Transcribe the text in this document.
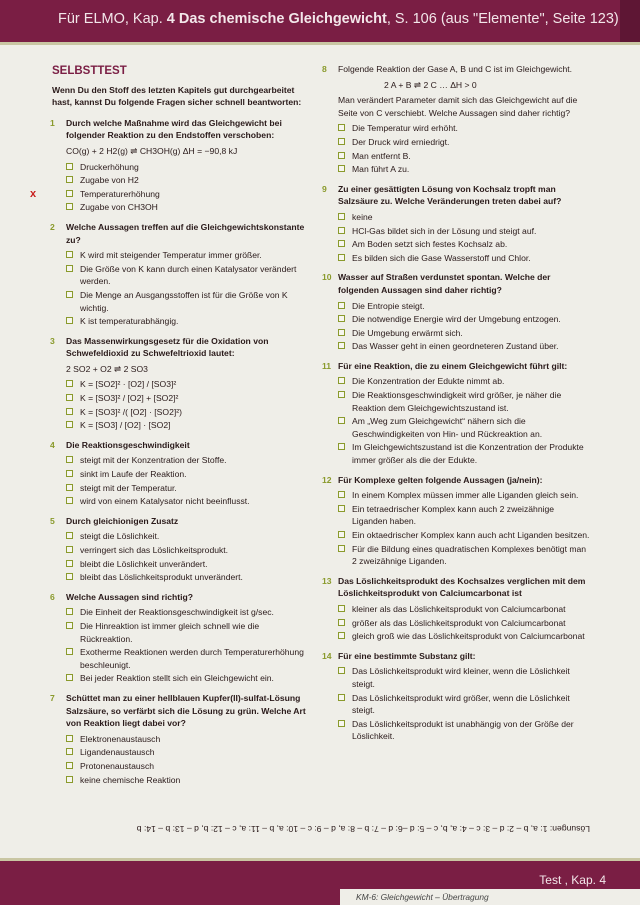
Für ELMO, Kap. 4 Das chemische Gleichgewicht, S. 106 (aus "Elemente", Seite 123)
x
SELBSTTEST
Wenn Du den Stoff des letzten Kapitels gut durchgearbeitet hast, kannst Du folgende Fragen sicher schnell beantworten:
1	Durch welche Maßnahme wird das Gleichgewicht bei folgender Reaktion zu den Endstoffen verschoben:
CO(g) + 2 H2(g) ⇌ CH3OH(g) ΔH = −90,8 kJ
Druckerhöhung
Zugabe von H2
Temperaturerhöhung
Zugabe von CH3OH
2	Welche Aussagen treffen auf die Gleichgewichtskonstante zu?
K wird mit steigender Temperatur immer größer.
Die Größe von K kann durch einen Katalysator verändert werden.
Die Menge an Ausgangsstoffen ist für die Größe von K wichtig.
K ist temperaturabhängig.
3	Das Massenwirkungsgesetz für die Oxidation von Schwefeldioxid zu Schwefeltrioxid lautet:
2 SO2 + O2 ⇌ 2 SO3
K = [SO2]² · [O2] / [SO3]²
K = [SO3]² / [O2] + [SO2]²
K = [SO3]² /( [O2] · [SO2]²)
K = [SO3] / [O2] · [SO2]
4	Die Reaktionsgeschwindigkeit
steigt mit der Konzentration der Stoffe.
sinkt im Laufe der Reaktion.
steigt mit der Temperatur.
wird von einem Katalysator nicht beeinflusst.
5	Durch gleichionigen Zusatz
steigt die Löslichkeit.
verringert sich das Löslichkeitsprodukt.
bleibt die Löslichkeit unverändert.
bleibt das Löslichkeitsprodukt unverändert.
6	Welche Aussagen sind richtig?
Die Einheit der Reaktionsgeschwindigkeit ist g/sec.
Die Hinreaktion ist immer gleich schnell wie die Rückreaktion.
Exotherme Reaktionen werden durch Temperaturerhöhung beschleunigt.
Bei jeder Reaktion stellt sich ein Gleichgewicht ein.
7	Schüttet man zu einer hellblauen Kupfer(II)-sulfat-Lösung Salzsäure, so verfärbt sich die Lösung zu grün. Welche Art von Reaktion liegt dabei vor?
Elektronenaustausch
Ligandenaustausch
Protonenaustausch
keine chemische Reaktion
8	Folgende Reaktion der Gase A, B und C ist im Gleichgewicht.
2 A + B ⇌ 2 C … ΔH > 0
Man verändert Parameter damit sich das Gleichgewicht auf die Seite von C verschiebt. Welche Aussagen sind daher richtig?
Die Temperatur wird erhöht.
Der Druck wird erniedrigt.
Man entfernt B.
Man führt A zu.
9	Zu einer gesättigten Lösung von Kochsalz tropft man Salzsäure zu. Welche Veränderungen treten dabei auf?
keine
HCl-Gas bildet sich in der Lösung und steigt auf.
Am Boden setzt sich festes Kochsalz ab.
Es bilden sich die Gase Wasserstoff und Chlor.
10 Wasser auf Straßen verdunstet spontan. Welche der folgenden Aussagen sind daher richtig?
Die Entropie steigt.
Die notwendige Energie wird der Umgebung entzogen.
Die Umgebung erwärmt sich.
Das Wasser geht in einen geordneteren Zustand über.
11 Für eine Reaktion, die zu einem Gleichgewicht führt gilt:
Die Konzentration der Edukte nimmt ab.
Die Reaktionsgeschwindigkeit wird größer, je näher die Reaktion dem Gleichgewichtszustand ist.
Am „Weg zum Gleichgewicht“ nähern sich die Geschwindigkeiten von Hin- und Rückreaktion an.
Im Gleichgewichtszustand ist die Konzentration der Produkte immer größer als die der Edukte.
12 Für Komplexe gelten folgende Aussagen (ja/nein):
In einem Komplex müssen immer alle Liganden gleich sein.
Ein tetraedrischer Komplex kann auch 2 zweizähnige Liganden haben.
Ein oktaedrischer Komplex kann auch acht Liganden besitzen.
Für die Bildung eines quadratischen Komplexes benötigt man 2 zweizähnige Liganden.
13 Das Löslichkeitsprodukt des Kochsalzes verglichen mit dem Löslichkeitsprodukt von Calciumcarbonat ist
kleiner als das Löslichkeitsprodukt von Calciumcarbonat
größer als das Löslichkeitsprodukt von Calciumcarbonat
gleich groß wie das Löslichkeitsprodukt von Calciumcarbonat
14 Für eine bestimmte Substanz gilt:
Das Löslichkeitsprodukt wird kleiner, wenn die Löslichkeit steigt.
Das Löslichkeitsprodukt wird größer, wenn die Löslichkeit steigt.
Das Löslichkeitsprodukt ist unabhängig von der Größe der Löslichkeit.
Lösungen: 1: a, b – 2: d – 3: c – 4: a, b, c – 5: d –6: d – 7: b – 8: a, d – 9: c – 10: a, b – 11: a, c – 12: b, d – 13: b – 14: b
Test , Kap. 4
KM-6: Gleichgewicht – Übertragung
